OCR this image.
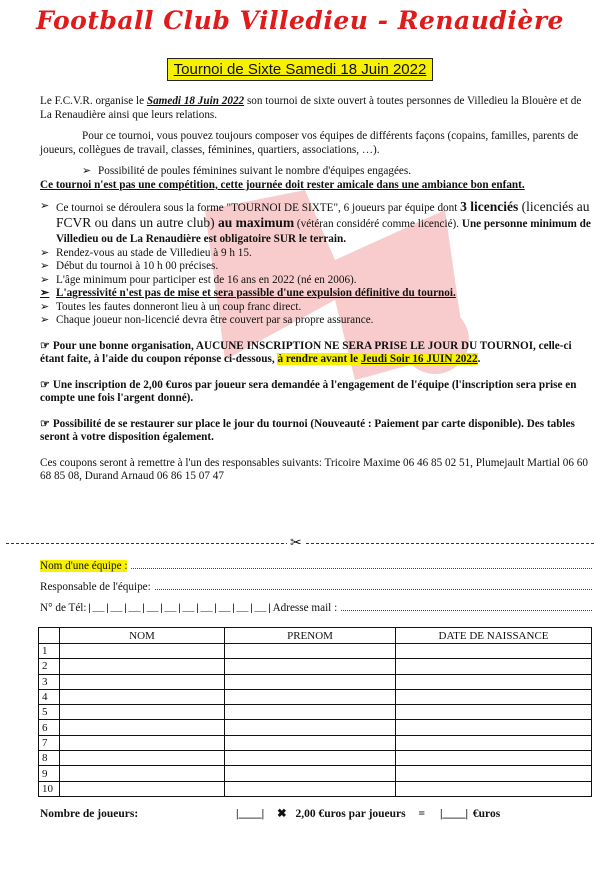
Football Club Villedieu - Renaudière
Tournoi de Sixte Samedi 18 Juin 2022

Le F.C.V.R. organise le Samedi 18 Juin 2022 son tournoi de sixte ouvert à toutes personnes de Villedieu la Blouère et de La Renaudière ainsi que leurs relations.

Pour ce tournoi, vous pouvez toujours composer vos équipes de différents façons (copains, familles, parents de joueurs, collègues de travail, classes, féminines, quartiers, associations, …).

➢ Possibilité de poules féminines suivant le nombre d'équipes engagées.

Ce tournoi n'est pas une compétition, cette journée doit rester amicale dans une ambiance bon enfant.

➢ Ce tournoi se déroulera sous la forme "TOURNOI DE SIXTE", 6 joueurs par équipe dont 3 licenciés (licenciés au FCVR ou dans un autre club) au maximum (vétéran considéré comme licencié). Une personne minimum de Villedieu ou de La Renaudière est obligatoire SUR le terrain.
➢ Rendez-vous au stade de Villedieu à 9 h 15.
➢ Début du tournoi à 10 h 00 précises.
➢ L'âge minimum pour participer est de 16 ans en 2022 (né en 2006).
➢ L'agressivité n'est pas de mise et sera passible d'une expulsion définitive du tournoi.
➢ Toutes les fautes donneront lieu à un coup franc direct.
➢ Chaque joueur non-licencié devra être couvert par sa propre assurance.

☞ Pour une bonne organisation, AUCUNE INSCRIPTION NE SERA PRISE LE JOUR DU TOURNOI, celle-ci étant faite, à l'aide du coupon réponse ci-dessous, à rendre avant le Jeudi Soir 16 JUIN 2022.

☞ Une inscription de 2,00 €uros par joueur sera demandée à l'engagement de l'équipe (l'inscription sera prise en compte une fois l'argent donné).

☞ Possibilité de se restaurer sur place le jour du tournoi (Nouveauté : Paiement par carte disponible). Des tables seront à votre disposition également.

Ces coupons seront à remettre à l'un des responsables suivants: Tricoire Maxime 06 46 85 02 51, Plumejault Martial 06 60 68 85 08, Durand Arnaud 06 86 15 07 47

✂
Nom d'une équipe :
Responsable de l'équipe:
N° de Tél: |__|__|__|__|__|__|__|__|__|__| Adresse mail :
	NOM	PRENOM	DATE DE NAISSANCE
1			
2			
3			
4			
5			
6			
7			
8			
9			
10			
Nombre de joueurs:	|____| ✖ 2,00 €uros par joueurs = |____| €uros
